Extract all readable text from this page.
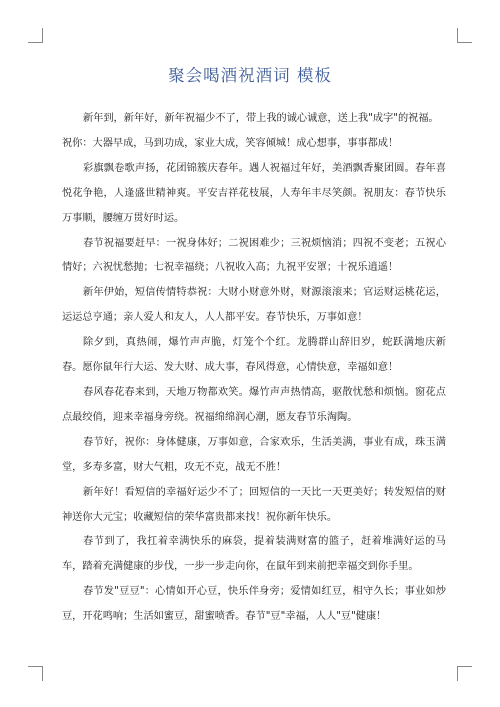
聚会喝酒祝酒词 模板

新年到，新年好，新年祝福少不了，带上我的诚心诚意，送上我"成字"的祝福。

祝你：大器早成，马到功成，家业大成，笑容倾城！成心想事，事事都成！

彩旗飘卷歌声扬，花团锦簇庆春年。遇人祝福过年好，美酒飘香聚团圆。春年喜悦花争艳，人逢盛世精神爽。平安吉祥花枝展，人寿年丰尽笑颜。祝朋友：春节快乐万事顺，腰缠万贯好时运。

春节祝福要赶早：一祝身体好；二祝困难少；三祝烦恼消；四祝不变老；五祝心情好；六祝忧愁抛；七祝幸福绕；八祝收入高；九祝平安罩；十祝乐逍遥！

新年伊始，短信传情特恭祝：大财小财意外财，财源滚滚来；官运财运桃花运，运运总亨通；亲人爱人和友人，人人都平安。春节快乐，万事如意！

除夕到，真热闹，爆竹声声脆，灯笼个个红。龙腾群山辞旧岁，蛇跃满地庆新春。愿你鼠年行大运、发大财、成大事，春风得意，心情快意，幸福如意！

春风春花春来到，天地万物都欢笑。爆竹声声热情高，驱散忧愁和烦恼。窗花点点最绞俏，迎来幸福身旁绕。祝福绵绵润心潮，愿友春节乐淘陶。

春节好，祝你：身体健康，万事如意，合家欢乐，生活美满，事业有成，珠玉满堂，多寿多富，财大气粗，攻无不克，战无不胜！

新年好！看短信的幸福好运少不了；回短信的一天比一天更美好；转发短信的财神送你大元宝；收藏短信的荣华富贵都来找！祝你新年快乐。

春节到了，我扛着幸满快乐的麻袋，提着装满财富的篮子，赶着堆满好运的马车，踏着充满健康的步伐，一步一步走向你，在鼠年到来前把幸福交到你手里。

春节发"豆豆"：心情如开心豆，快乐伴身旁；爱情如红豆，相守久长；事业如炒豆，开花鸣响；生活如蜜豆，甜蜜喷香。春节"豆"幸福，人人"豆"健康！
